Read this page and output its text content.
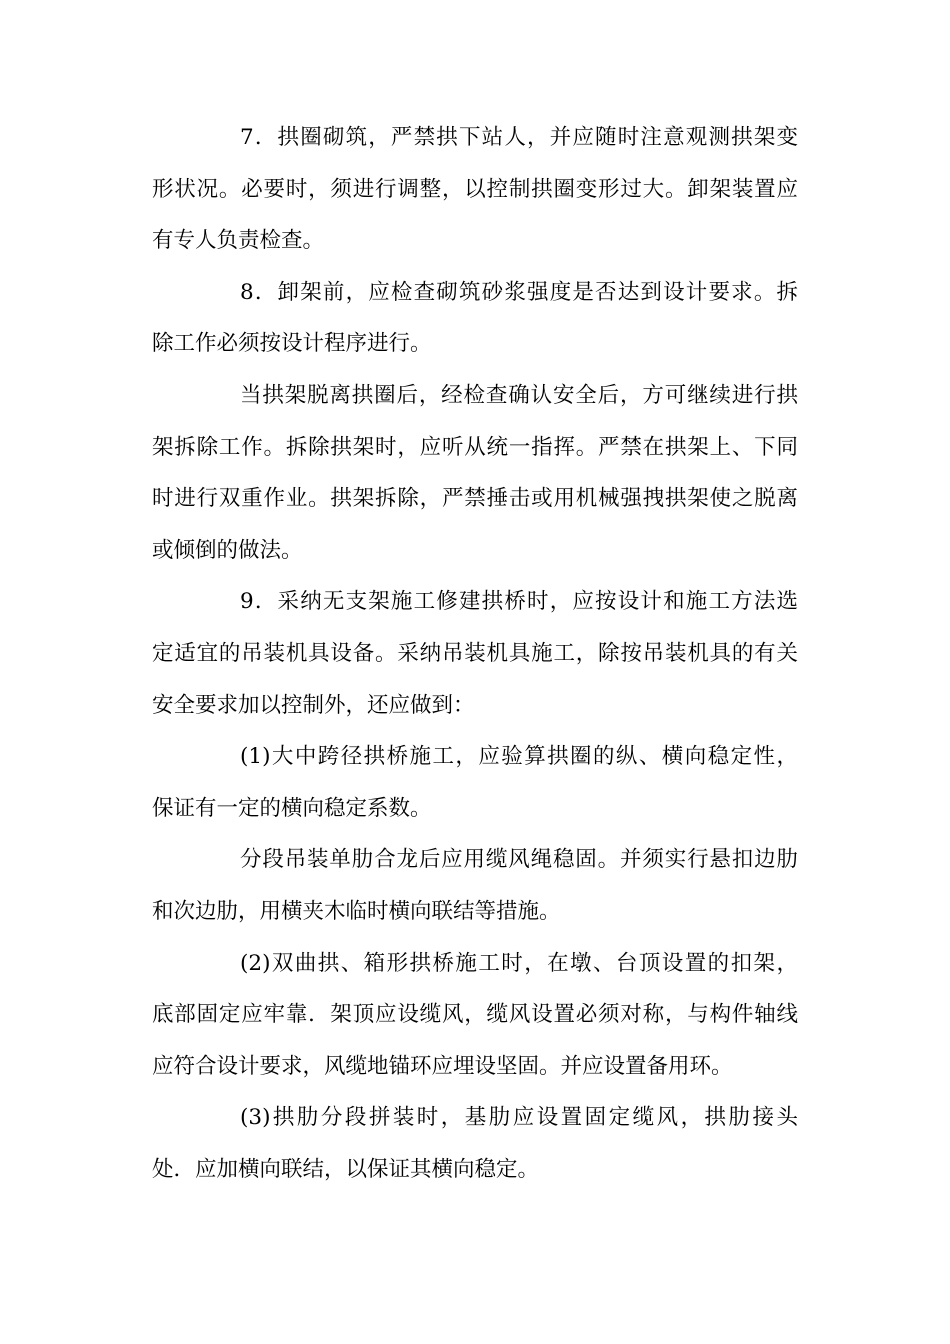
7．拱圈砌筑，严禁拱下站人，并应随时注意观测拱架变
形状况。必要时，须进行调整，以控制拱圈变形过大。卸架装置应
有专人负责检查。
8．卸架前，应检查砌筑砂浆强度是否达到设计要求。拆
除工作必须按设计程序进行。
当拱架脱离拱圈后，经检查确认安全后，方可继续进行拱
架拆除工作。拆除拱架时，应听从统一指挥。严禁在拱架上、下同
时进行双重作业。拱架拆除，严禁捶击或用机械强拽拱架使之脱离
或倾倒的做法。
9．采纳无支架施工修建拱桥时，应按设计和施工方法选
定适宜的吊装机具设备。采纳吊装机具施工，除按吊装机具的有关
安全要求加以控制外，还应做到：
(1)大中跨径拱桥施工，应验算拱圈的纵、横向稳定性，
保证有一定的横向稳定系数。
分段吊装单肋合龙后应用缆风绳稳固。并须实行悬扣边肋
和次边肋，用横夹木临时横向联结等措施。
(2)双曲拱、箱形拱桥施工时，在墩、台顶设置的扣架，
底部固定应牢靠．架顶应设缆风，缆风设置必须对称，与构件轴线
应符合设计要求，风缆地锚环应埋设坚固。并应设置备用环。
(3)拱肋分段拼装时，基肋应设置固定缆风，拱肋接头
处．应加横向联结，以保证其横向稳定。
